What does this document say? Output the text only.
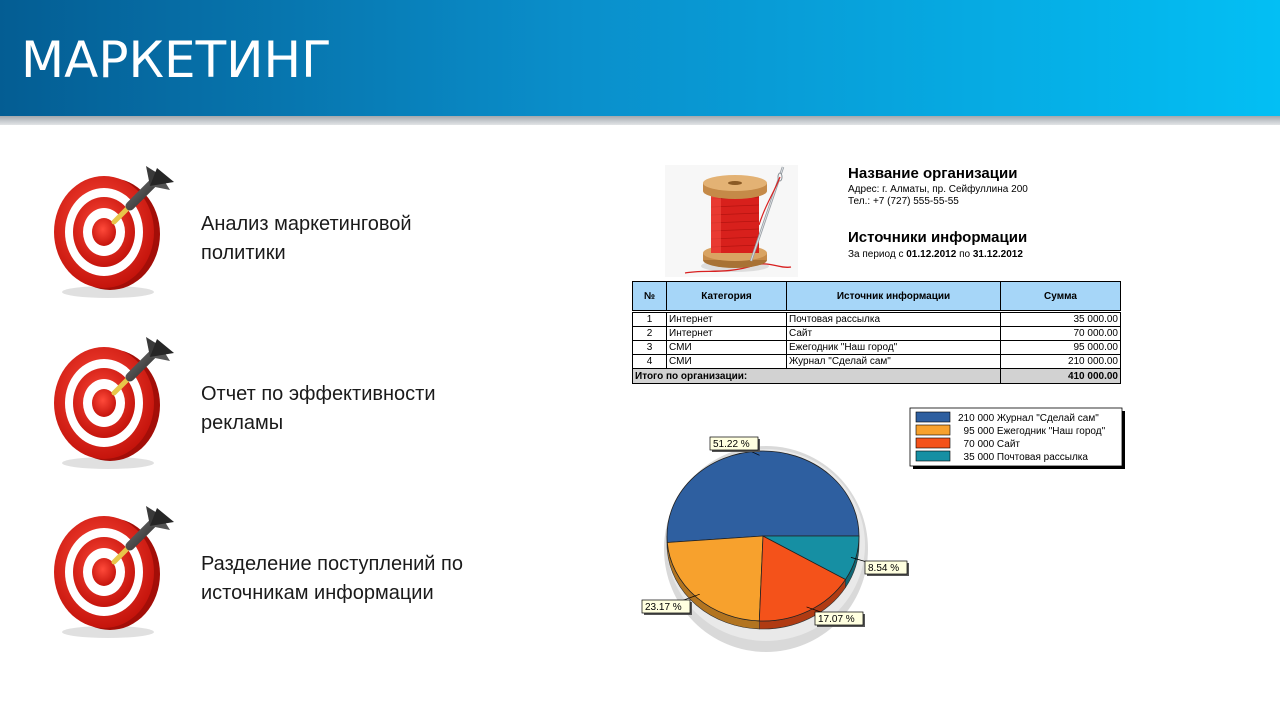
МАРКЕТИНГ
Анализ маркетинговой
политики
Отчет по эффективности
рекламы
Разделение поступлений по
источникам информации
Название организации
Адрес: г. Алматы, пр. Сейфуллина 200
Тел.: +7 (727) 555-55-55
Источники информации
За период с 01.12.2012 по 31.12.2012
№	Категория	Источник информации	Сумма

1	Интернет	Почтовая рассылка	35 000.00
2	Интернет	Сайт	70 000.00
3	СМИ	Ежегодник "Наш город"	95 000.00
4	СМИ	Журнал "Сделай сам"	210 000.00
Итого по организации:			410 000.00
51.22 %
23.17 %
17.07 %
8.54 %
210 000 Журнал "Сделай сам"
95 000 Ежегодник "Наш город"
70 000 Сайт
35 000 Почтовая рассылка
